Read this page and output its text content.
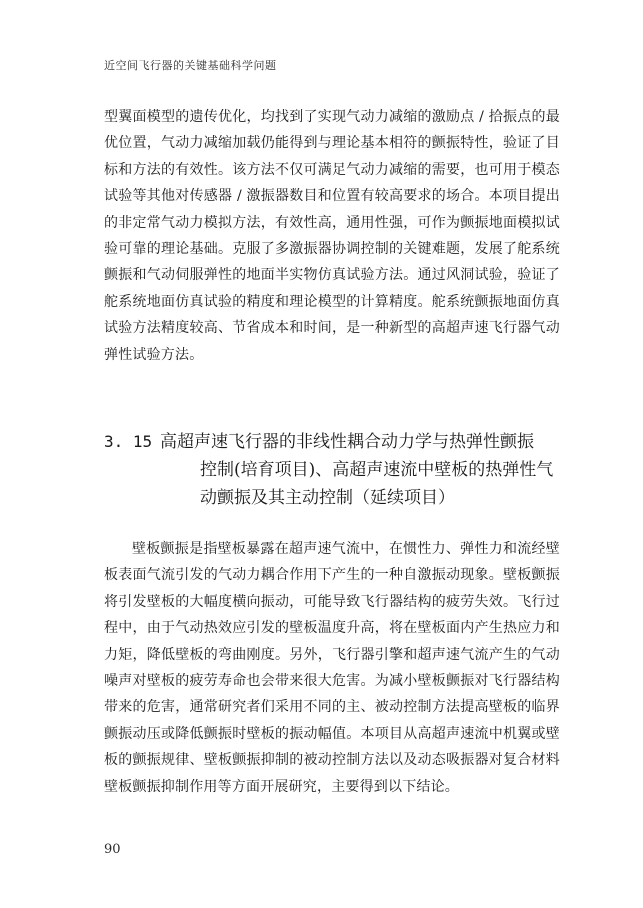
近空间飞行器的关键基础科学问题

型翼面模型的遗传优化，均找到了实现气动力减缩的激励点 / 拾振点的最优位置，气动力减缩加载仍能得到与理论基本相符的颤振特性，验证了目标和方法的有效性。该方法不仅可满足气动力减缩的需要，也可用于模态试验等其他对传感器 / 激振器数目和位置有较高要求的场合。本项目提出的非定常气动力模拟方法，有效性高，通用性强，可作为颤振地面模拟试验可靠的理论基础。克服了多激振器协调控制的关键难题，发展了舵系统颤振和气动伺服弹性的地面半实物仿真试验方法。通过风洞试验，验证了舵系统地面仿真试验的精度和理论模型的计算精度。舵系统颤振地面仿真试验方法精度较高、节省成本和时间，是一种新型的高超声速飞行器气动弹性试验方法。

3. 15 高超声速飞行器的非线性耦合动力学与热弹性颤振
控制(培育项目)、高超声速流中壁板的热弹性气
动颤振及其主动控制（延续项目）

壁板颤振是指壁板暴露在超声速气流中，在惯性力、弹性力和流经壁板表面气流引发的气动力耦合作用下产生的一种自激振动现象。壁板颤振将引发壁板的大幅度横向振动，可能导致飞行器结构的疲劳失效。飞行过程中，由于气动热效应引发的壁板温度升高，将在壁板面内产生热应力和力矩，降低壁板的弯曲刚度。另外，飞行器引擎和超声速气流产生的气动噪声对壁板的疲劳寿命也会带来很大危害。为减小壁板颤振对飞行器结构带来的危害，通常研究者们采用不同的主、被动控制方法提高壁板的临界颤振动压或降低颤振时壁板的振动幅值。本项目从高超声速流中机翼或壁板的颤振规律、壁板颤振抑制的被动控制方法以及动态吸振器对复合材料壁板颤振抑制作用等方面开展研究，主要得到以下结论。

90
